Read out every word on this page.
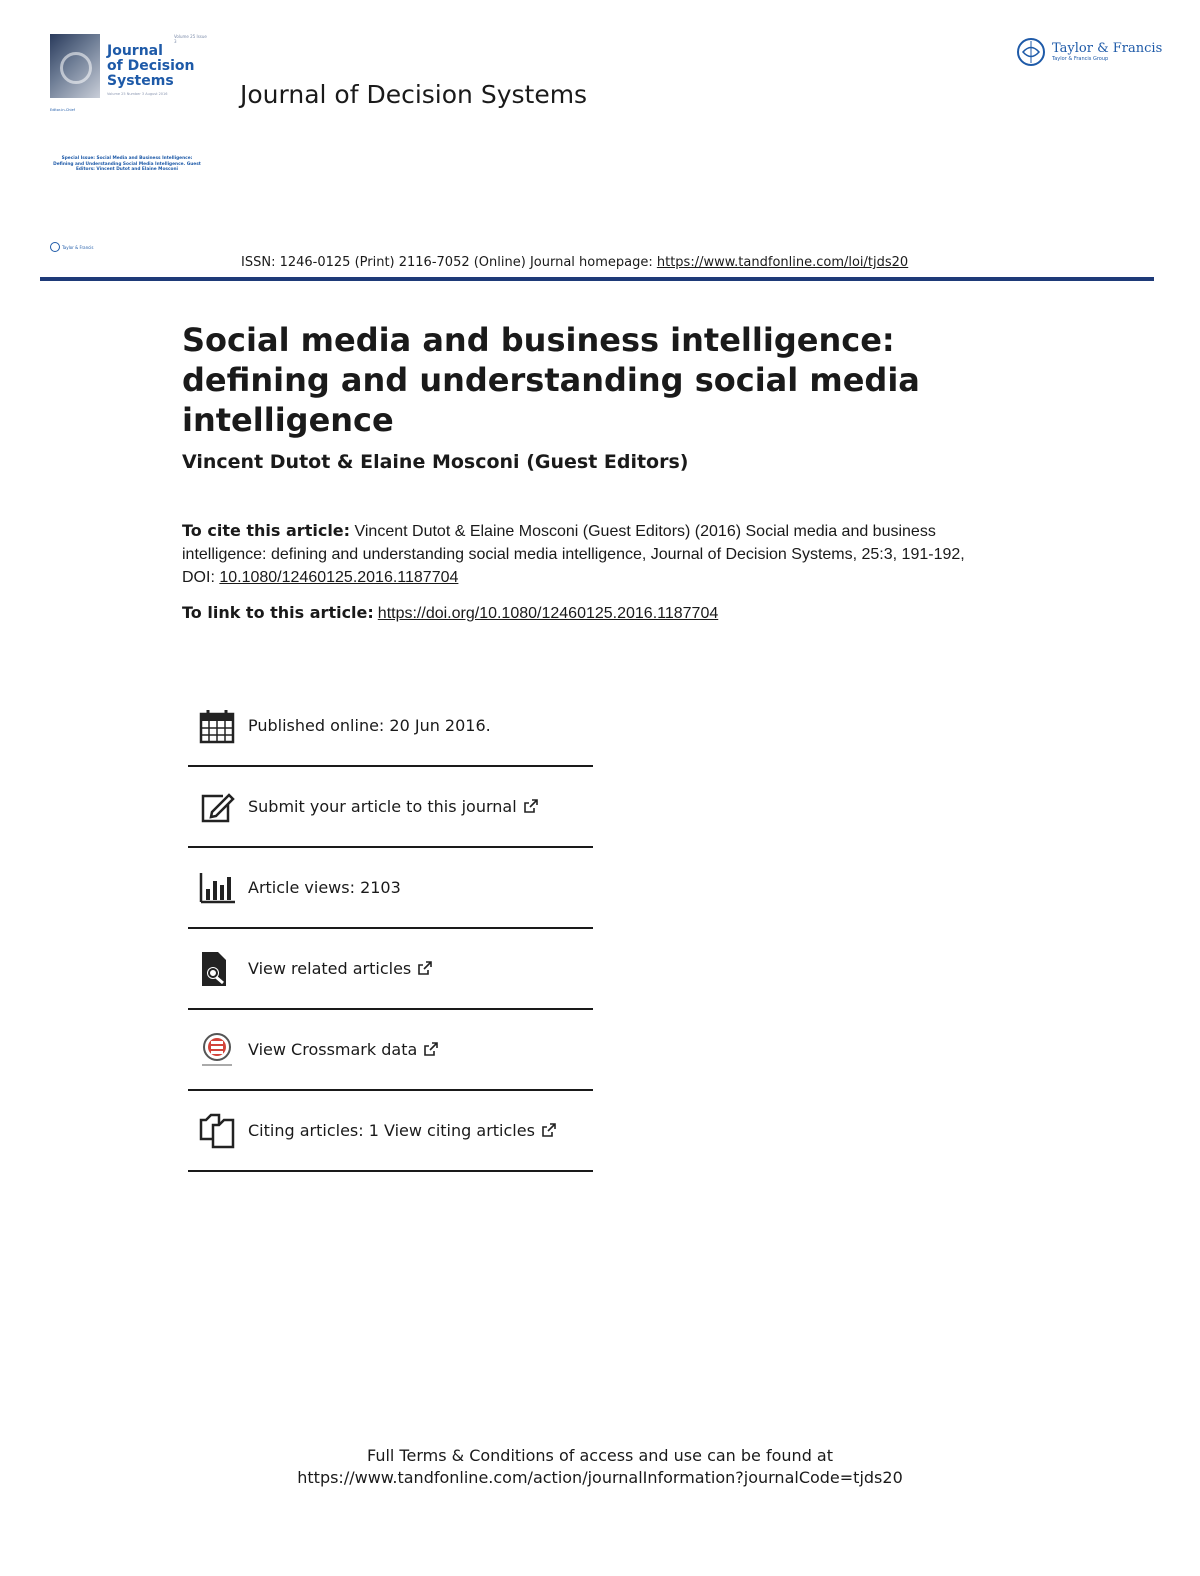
Volume 25 Issue 3
Journal
of Decision
Systems
Volume 25 Number 3 August 2016
Editor-in-Chief
Special Issue: Social Media and Business Intelligence: Defining and Understanding Social Media Intelligence. Guest Editors: Vincent Dutot and Elaine Mosconi
Taylor & Francis
Journal of Decision Systems
Taylor & Francis
Taylor & Francis Group
ISSN: 1246-0125 (Print) 2116-7052 (Online) Journal homepage: https://www.tandfonline.com/loi/tjds20
Social media and business intelligence: defining and understanding social media intelligence
Vincent Dutot & Elaine Mosconi (Guest Editors)
To cite this article: Vincent Dutot & Elaine Mosconi (Guest Editors) (2016) Social media and business intelligence: defining and understanding social media intelligence, Journal of Decision Systems, 25:3, 191-192, DOI: 10.1080/12460125.2016.1187704
To link to this article: https://doi.org/10.1080/12460125.2016.1187704
Published online: 20 Jun 2016.
Submit your article to this journal
Article views: 2103
View related articles
View Crossmark data
Citing articles: 1 View citing articles
Full Terms & Conditions of access and use can be found at
https://www.tandfonline.com/action/journalInformation?journalCode=tjds20
